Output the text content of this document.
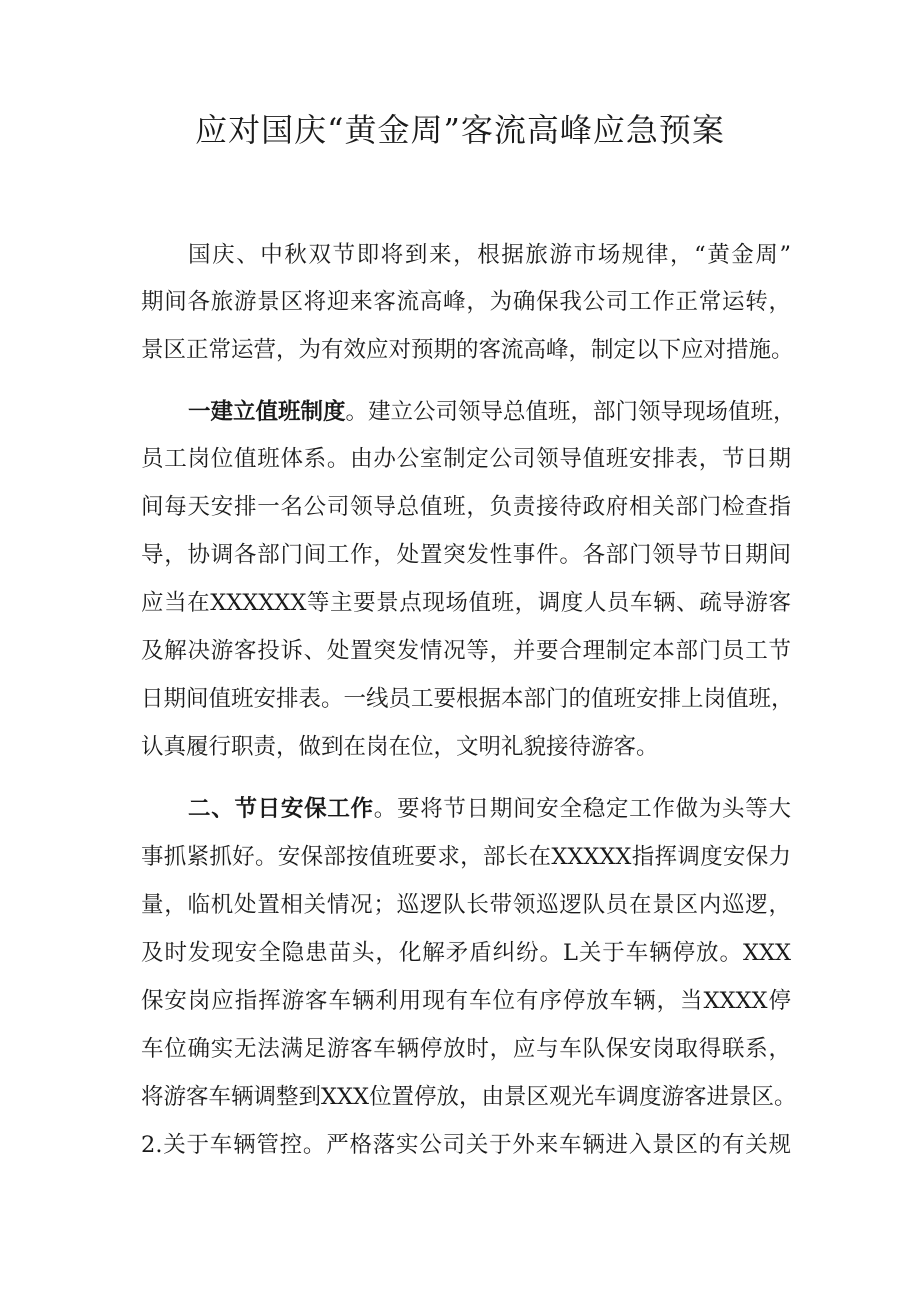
应对国庆“黄金周”客流高峰应急预案
国庆、中秋双节即将到来，根据旅游市场规律，“黄金周”
期间各旅游景区将迎来客流高峰，为确保我公司工作正常运转，
景区正常运营，为有效应对预期的客流高峰，制定以下应对措施。
一建立值班制度。建立公司领导总值班，部门领导现场值班，
员工岗位值班体系。由办公室制定公司领导值班安排表，节日期
间每天安排一名公司领导总值班，负责接待政府相关部门检查指
导，协调各部门间工作，处置突发性事件。各部门领导节日期间
应当在XXXXXX等主要景点现场值班，调度人员车辆、疏导游客
及解决游客投诉、处置突发情况等，并要合理制定本部门员工节
日期间值班安排表。一线员工要根据本部门的值班安排上岗值班，
认真履行职责，做到在岗在位，文明礼貌接待游客。
二、节日安保工作。要将节日期间安全稳定工作做为头等大
事抓紧抓好。安保部按值班要求，部长在XXXXX指挥调度安保力
量，临机处置相关情况；巡逻队长带领巡逻队员在景区内巡逻，
及时发现安全隐患苗头，化解矛盾纠纷。L关于车辆停放。XXX
保安岗应指挥游客车辆利用现有车位有序停放车辆，当XXXX停
车位确实无法满足游客车辆停放时，应与车队保安岗取得联系，
将游客车辆调整到XXX位置停放，由景区观光车调度游客进景区。
2.关于车辆管控。严格落实公司关于外来车辆进入景区的有关规
